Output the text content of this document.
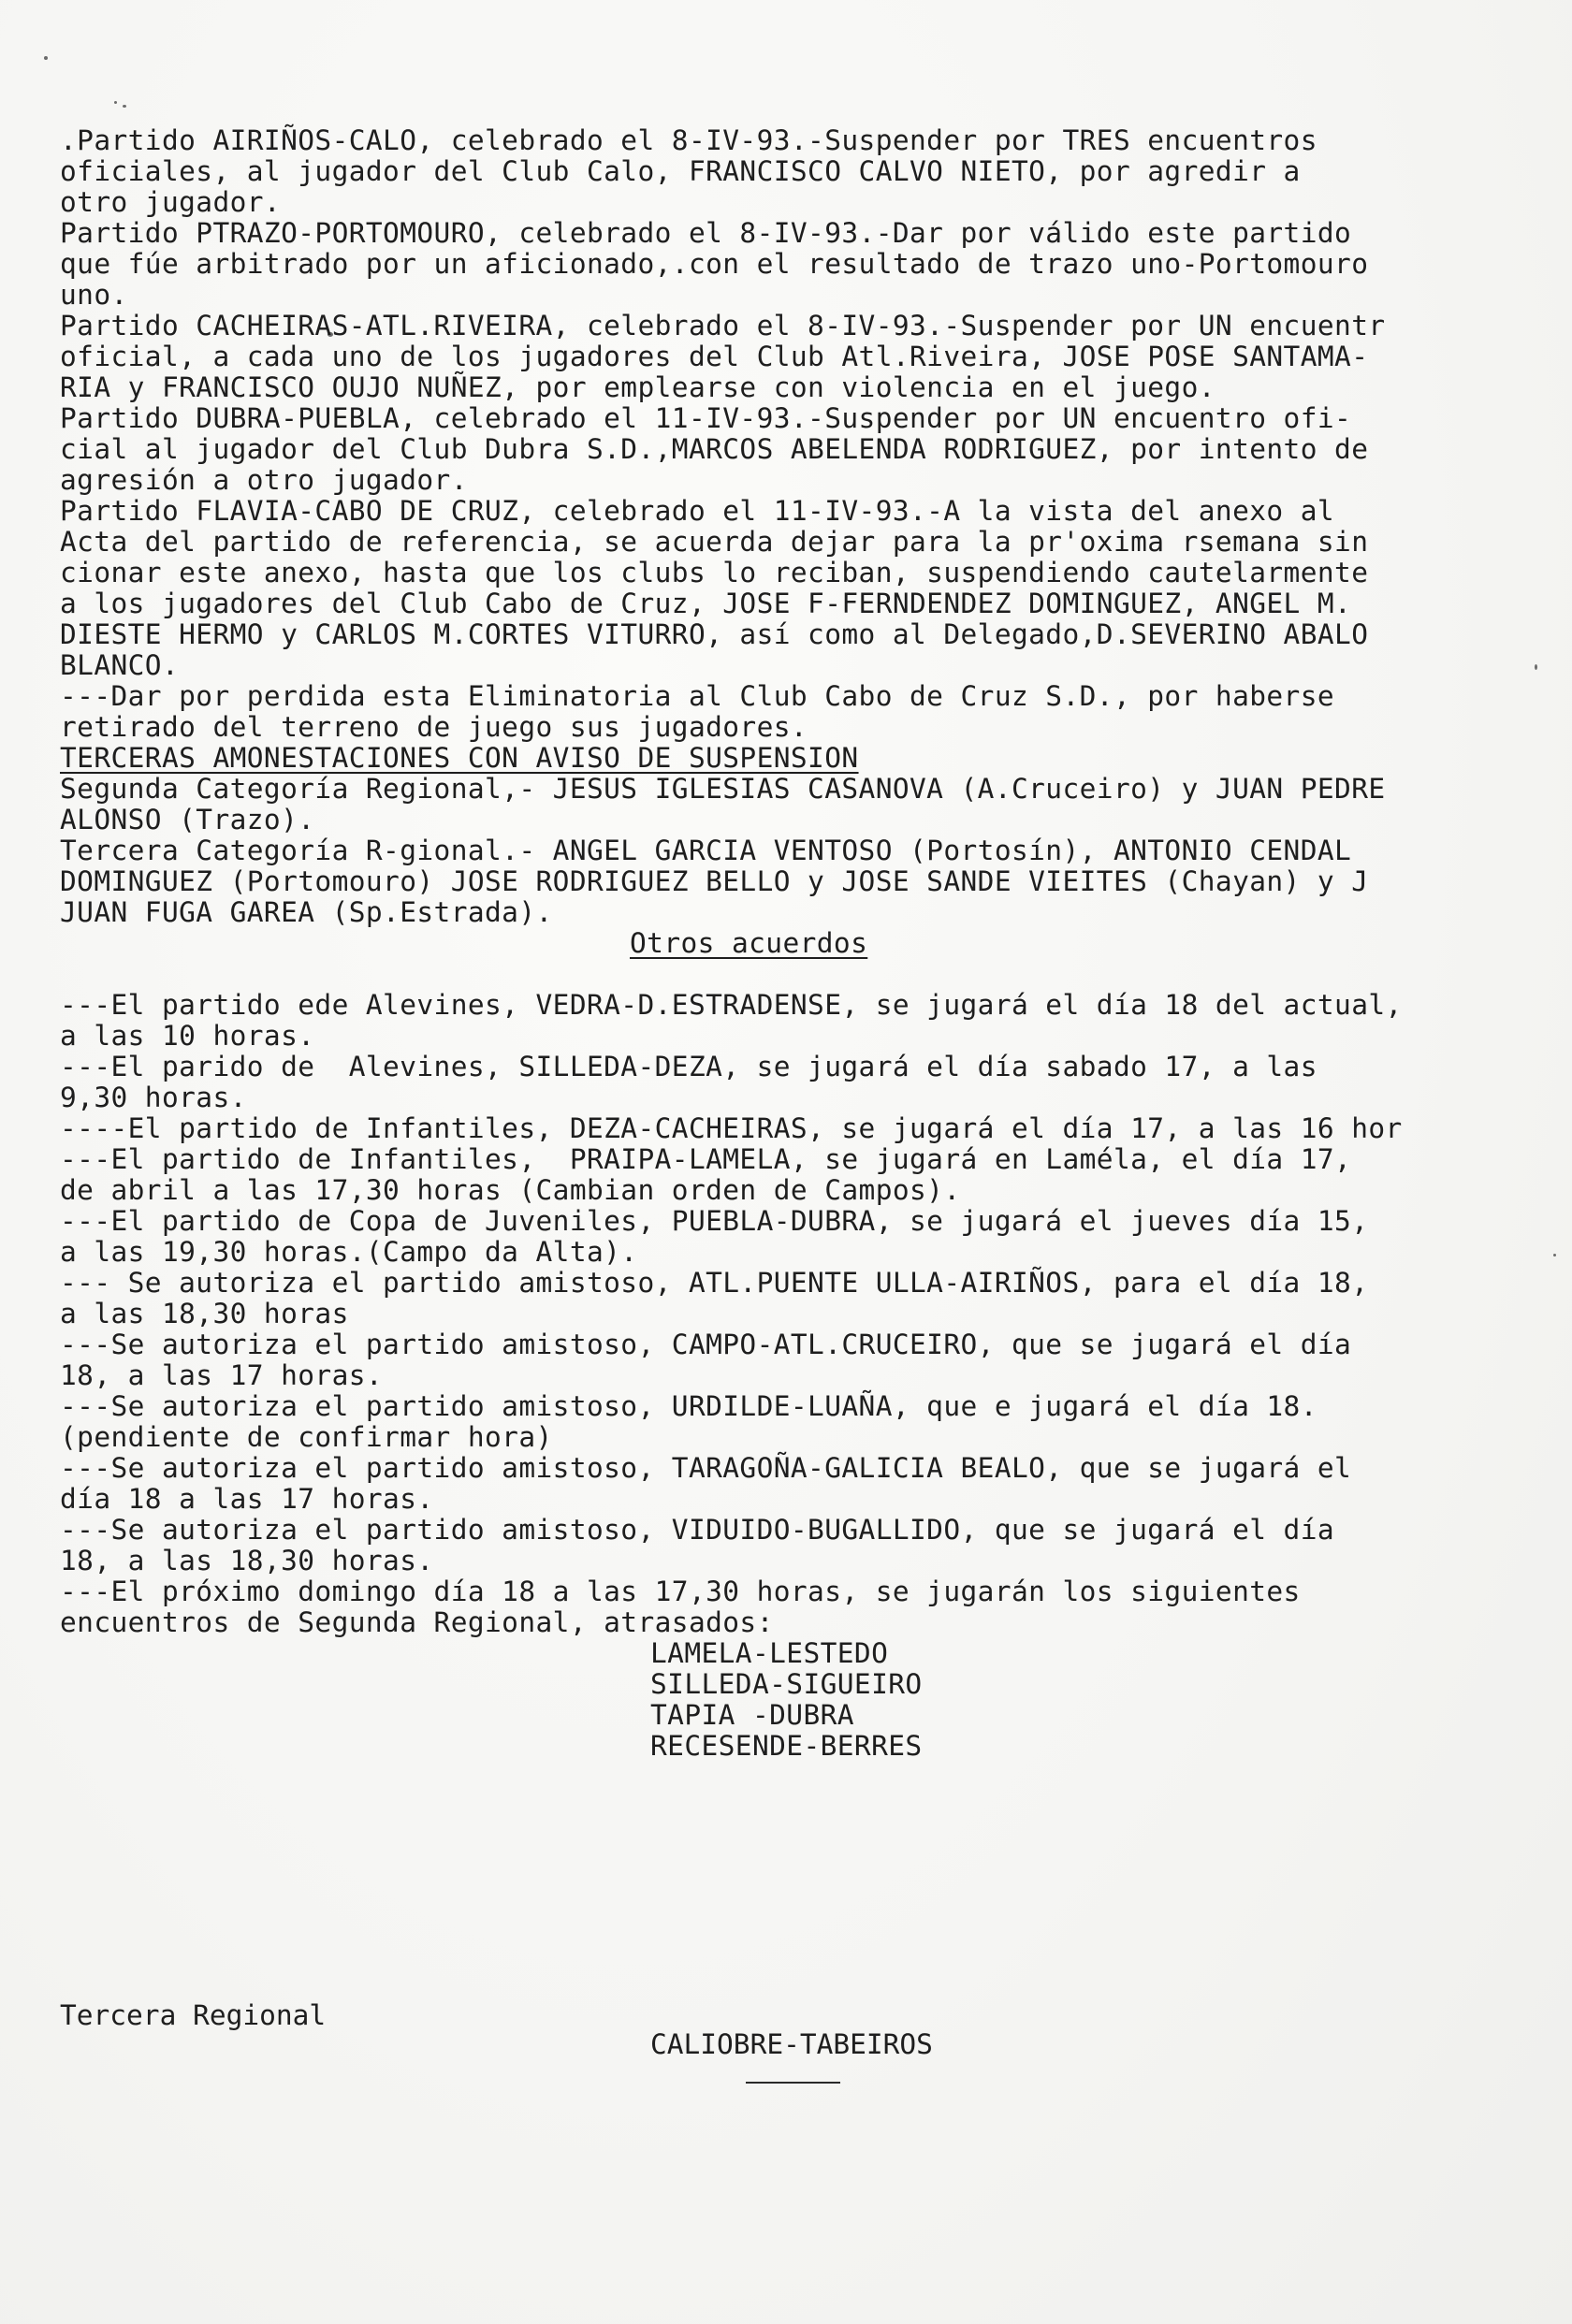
.Partido AIRIÑOS-CALO, celebrado el 8-IV-93.-Suspender por TRES encuentros
oficiales, al jugador del Club Calo, FRANCISCO CALVO NIETO, por agredir a
otro jugador.

Partido PTRAZO-PORTOMOURO, celebrado el 8-IV-93.-Dar por válido este partido
que fúe arbitrado por un aficionado,.con el resultado de trazo uno-Portomouro
uno.

Partido CACHEIRAS-ATL.RIVEIRA, celebrado el 8-IV-93.-Suspender por UN encuentr
oficial, a cada uno de los jugadores del Club Atl.Riveira, JOSE POSE SANTAMA-
RIA y FRANCISCO OUJO NUÑEZ, por emplearse con violencia en el juego.

Partido DUBRA-PUEBLA, celebrado el 11-IV-93.-Suspender por UN encuentro ofi-
cial al jugador del Club Dubra S.D.,MARCOS ABELENDA RODRIGUEZ, por intento de
agresión a otro jugador.

Partido FLAVIA-CABO DE CRUZ, celebrado el 11-IV-93.-A la vista del anexo al
Acta del partido de referencia, se acuerda dejar para la pr'oxima rsemana sin
cionar este anexo, hasta que los clubs lo reciban, suspendiendo cautelarmente
a los jugadores del Club Cabo de Cruz, JOSE F-FERNDENDEZ DOMINGUEZ, ANGEL M.
DIESTE HERMO y CARLOS M.CORTES VITURRO, así como al Delegado,D.SEVERINO ABALO
BLANCO.
---Dar por perdida esta Eliminatoria al Club Cabo de Cruz S.D., por haberse
retirado del terreno de juego sus jugadores.

TERCERAS AMONESTACIONES CON AVISO DE SUSPENSION

Segunda Categoría Regional,- JESUS IGLESIAS CASANOVA (A.Cruceiro) y JUAN PEDRE
ALONSO (Trazo).

Tercera Categoría R-gional.- ANGEL GARCIA VENTOSO (Portosín), ANTONIO CENDAL
DOMINGUEZ (Portomouro) JOSE RODRIGUEZ BELLO y JOSE SANDE VIEITES (Chayan) y J
JUAN FUGA GAREA (Sp.Estrada).

Otros acuerdos

---El partido ede Alevines, VEDRA-D.ESTRADENSE, se jugará el día 18 del actual,
a las 10 horas.
---El parido de  Alevines, SILLEDA-DEZA, se jugará el día sabado 17, a las
9,30 horas.
----El partido de Infantiles, DEZA-CACHEIRAS, se jugará el día 17, a las 16 hor
---El partido de Infantiles,  PRAIPA-LAMELA, se jugará en Laméla, el día 17,
de abril a las 17,30 horas (Cambian orden de Campos).
---El partido de Copa de Juveniles, PUEBLA-DUBRA, se jugará el jueves día 15,
a las 19,30 horas.(Campo da Alta).
--- Se autoriza el partido amistoso, ATL.PUENTE ULLA-AIRIÑOS, para el día 18,
a las 18,30 horas
---Se autoriza el partido amistoso, CAMPO-ATL.CRUCEIRO, que se jugará el día
18, a las 17 horas.
---Se autoriza el partido amistoso, URDILDE-LUAÑA, que e jugará el día 18.
(pendiente de confirmar hora)
---Se autoriza el partido amistoso, TARAGOÑA-GALICIA BEALO, que se jugará el
día 18 a las 17 horas.
---Se autoriza el partido amistoso, VIDUIDO-BUGALLIDO, que se jugará el día
18, a las 18,30 horas.
---El próximo domingo día 18 a las 17,30 horas, se jugarán los siguientes
encuentros de Segunda Regional, atrasados:

LAMELA-LESTEDO

SILLEDA-SIGUEIRO

TAPIA -DUBRA

RECESENDE-BERRES

Tercera Regional
CALIOBRE-TABEIROS
